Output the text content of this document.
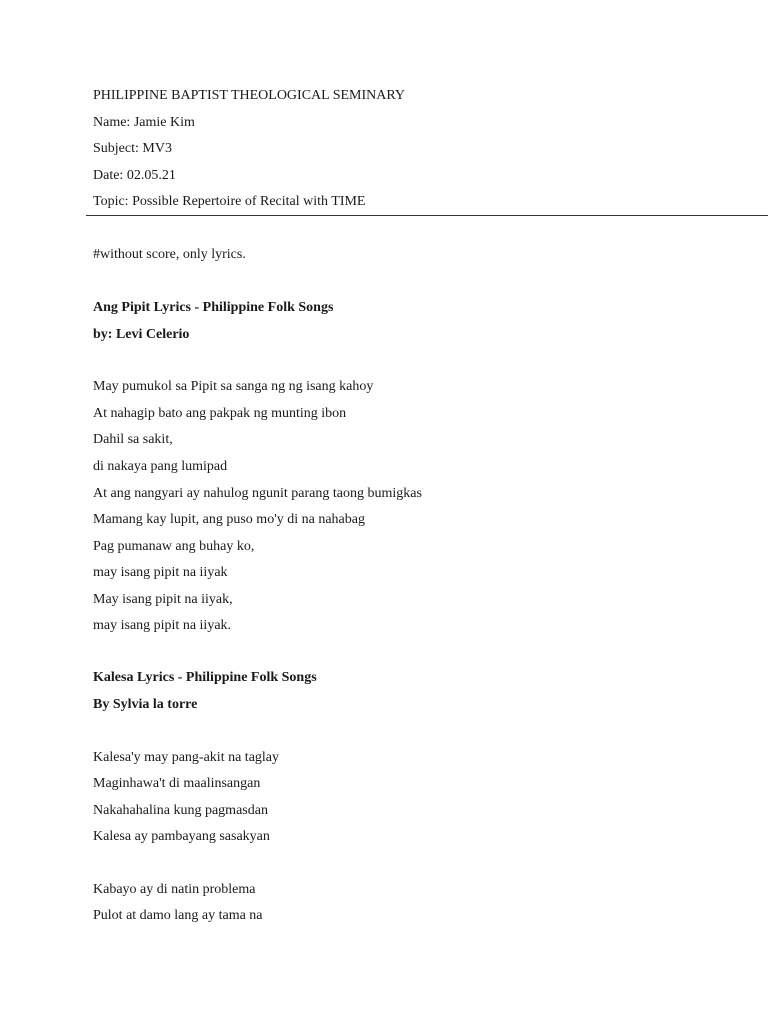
PHILIPPINE BAPTIST THEOLOGICAL SEMINARY
Name: Jamie Kim
Subject: MV3
Date: 02.05.21
Topic: Possible Repertoire of Recital with TIME
#without score, only lyrics.
Ang Pipit Lyrics - Philippine Folk Songs
by: Levi Celerio
May pumukol sa Pipit sa sanga ng ng isang kahoy
At nahagip bato ang pakpak ng munting ibon
Dahil sa sakit,
di nakaya pang lumipad
At ang nangyari ay nahulog ngunit parang taong bumigkas
Mamang kay lupit, ang puso mo'y di na nahabag
Pag pumanaw ang buhay ko,
may isang pipit na iiyak
May isang pipit na iiyak,
may isang pipit na iiyak.
Kalesa Lyrics - Philippine Folk Songs
By Sylvia la torre
Kalesa'y may pang-akit na taglay
Maginhawa't di maalinsangan
Nakahahalina kung pagmasdan
Kalesa ay pambayang sasakyan
Kabayo ay di natin problema
Pulot at damo lang ay tama na
